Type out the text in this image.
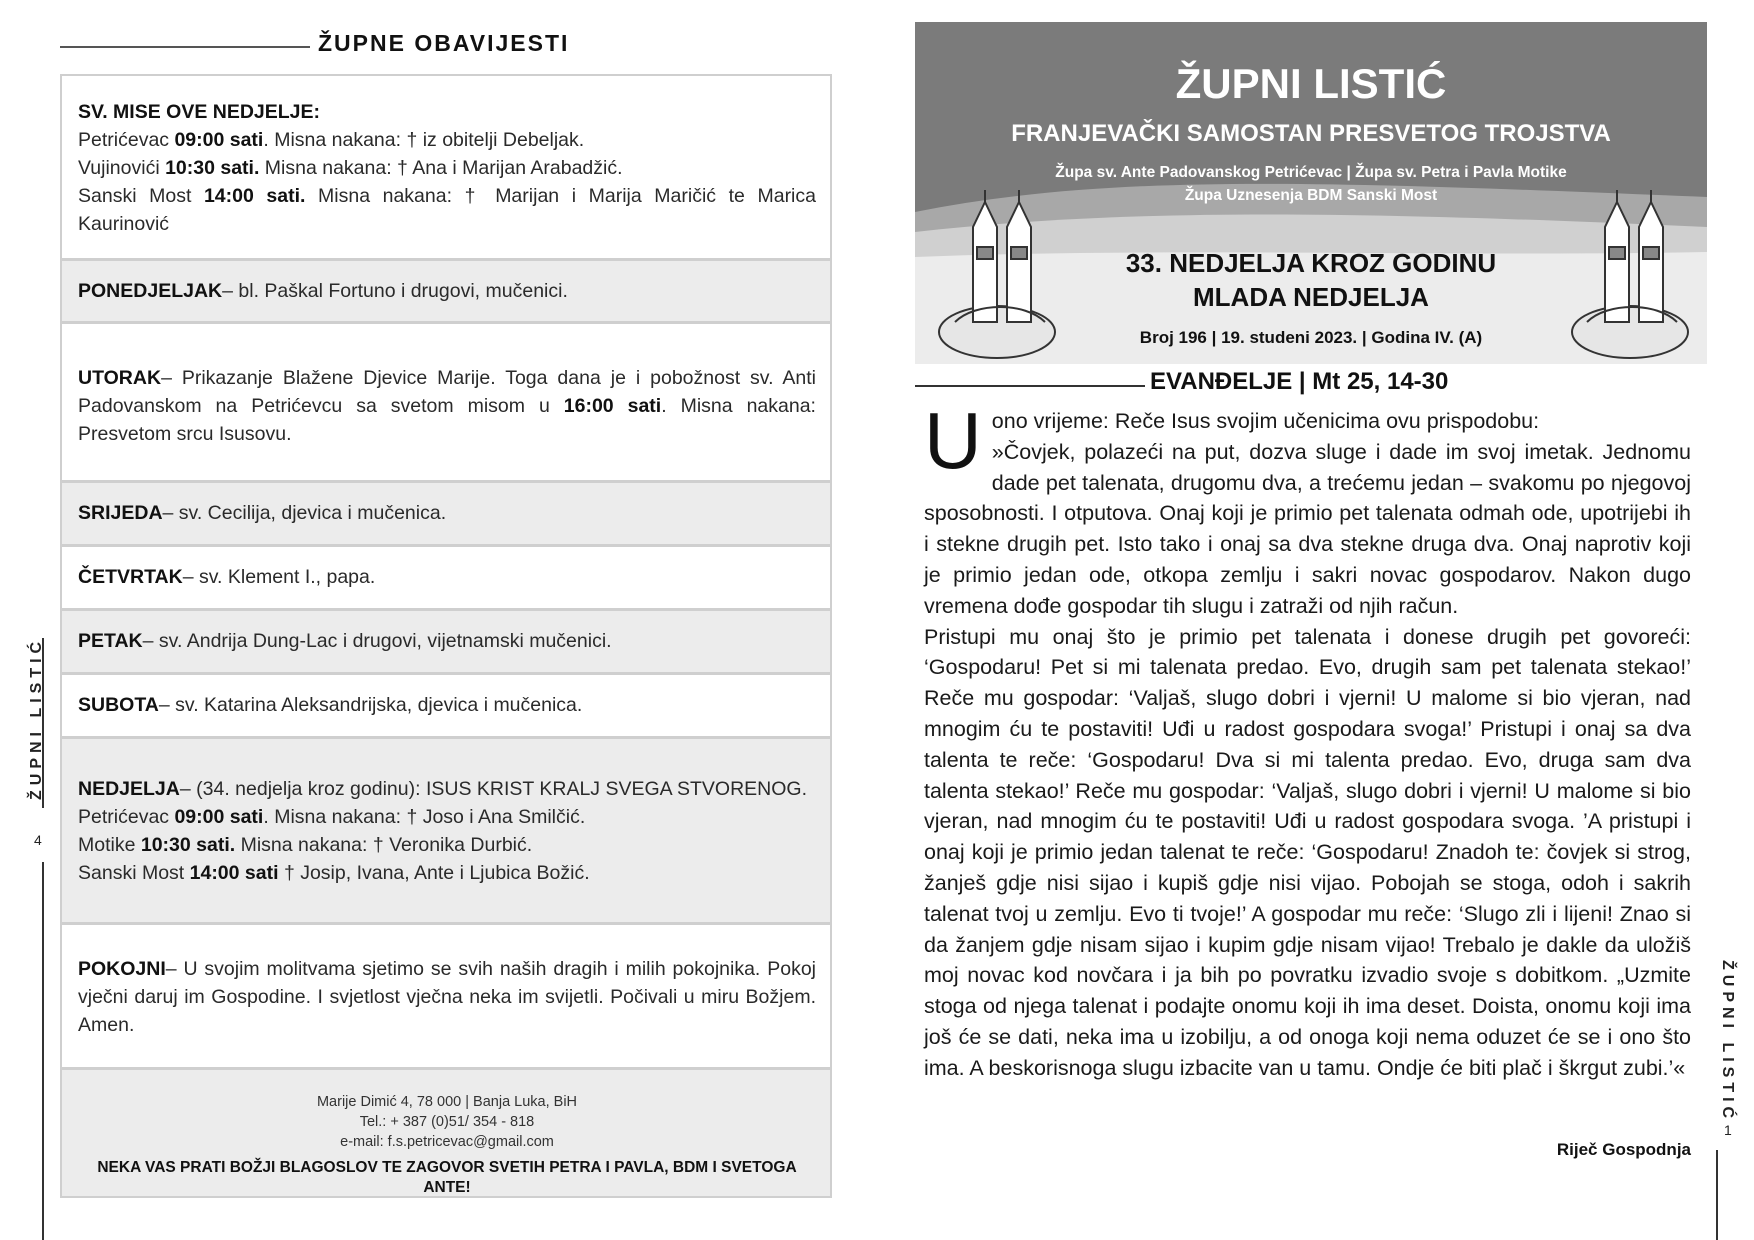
ŽUPNE OBAVIJESTI

SV. MISE OVE NEDJELJE:

Petrićevac 09:00 sati. Misna nakana: † iz obitelji Debeljak.

Vujinovići 10:30 sati. Misna nakana: † Ana i Marijan Arabadžić.

Sanski Most 14:00 sati. Misna nakana: † Marijan i Marija Maričić te Marica Kaurinović

PONEDJELJAK– bl. Paškal Fortuno i drugovi, mučenici.

UTORAK– Prikazanje Blažene Djevice Marije. Toga dana je i pobožnost sv. Anti Padovanskom na Petrićevcu sa svetom misom u 16:00 sati. Misna nakana: Presvetom srcu Isusovu.

SRIJEDA– sv. Cecilija, djevica i mučenica.

ČETVRTAK– sv. Klement I., papa.

PETAK– sv. Andrija Dung-Lac i drugovi, vijetnamski mučenici.

SUBOTA– sv. Katarina Aleksandrijska, djevica i mučenica.

NEDJELJA– (34. nedjelja kroz godinu): ISUS KRIST KRALJ SVEGA STVORENOG.

Petrićevac 09:00 sati. Misna nakana: † Joso i Ana Smilčić.

Motike 10:30 sati. Misna nakana: † Veronika Durbić.

Sanski Most 14:00 sati † Josip, Ivana, Ante i Ljubica Božić.

POKOJNI– U svojim molitvama sjetimo se svih naših dragih i milih pokojnika. Pokoj vječni daruj im Gospodine. I svjetlost vječna neka im svijetli. Počivali u miru Božjem. Amen.

Marije Dimić 4, 78 000 | Banja Luka, BiH
Tel.: + 387 (0)51/ 354 - 818
e-mail: f.s.petricevac@gmail.com
NEKA VAS PRATI BOŽJI BLAGOSLOV TE ZAGOVOR SVETIH PETRA I PAVLA, BDM I SVETOGA ANTE!
ŽUPNI LISTIĆ
4
ŽUPNI LISTIĆ
FRANJEVAČKI SAMOSTAN PRESVETOG TROJSTVA
Župa sv. Ante Padovanskog Petrićevac | Župa sv. Petra i Pavla Motike
Župa Uznesenja BDM Sanski Most
33. NEDJELJA KROZ GODINU
MLADA NEDJELJA
Broj 196 | 19. studeni 2023. | Godina IV. (A)
EVANĐELJE | Mt 25, 14-30
U ono vrijeme: Reče Isus svojim učenicima ovu prispodobu:
»Čovjek, polazeći na put, dozva sluge i dade im svoj imetak. Jednomu dade pet talenata, drugomu dva, a trećemu jedan – svakomu po njegovoj sposobnosti. I otputova. Onaj koji je primio pet talenata odmah ode, upotrijebi ih i stekne drugih pet. Isto tako i onaj sa dva stekne druga dva. Onaj naprotiv koji je primio jedan ode, otkopa zemlju i sakri novac gospodarov. Nakon dugo vremena dođe gospodar tih slugu i zatraži od njih račun.

Pristupi mu onaj što je primio pet talenata i donese drugih pet govoreći: ‘Gospodaru! Pet si mi talenata predao. Evo, drugih sam pet talenata stekao!’ Reče mu gospodar: ‘Valjaš, slugo dobri i vjerni! U malome si bio vjeran, nad mnogim ću te postaviti! Uđi u radost gospodara svoga!’ Pristupi i onaj sa dva talenta te reče: ‘Gospodaru! Dva si mi talenta predao. Evo, druga sam dva talenta stekao!’ Reče mu gospodar: ‘Valjaš, slugo dobri i vjerni! U malome si bio vjeran, nad mnogim ću te postaviti! Uđi u radost gospodara svoga. ’A pristupi i onaj koji je primio jedan talenat te reče: ‘Gospodaru! Znadoh te: čovjek si strog, žanješ gdje nisi sijao i kupiš gdje nisi vijao. Pobojah se stoga, odoh i sakrih talenat tvoj u zemlju. Evo ti tvoje!’ A gospodar mu reče: ‘Slugo zli i lijeni! Znao si da žanjem gdje nisam sijao i kupim gdje nisam vijao! Trebalo je dakle da uložiš moj novac kod novčara i ja bih po povratku izvadio svoje s dobitkom. „Uzmite stoga od njega talenat i podajte onomu koji ih ima deset. Doista, onomu koji ima još će se dati, neka ima u izobilju, a od onoga koji nema oduzet će se i ono što ima. A beskorisnoga slugu izbacite van u tamu. Ondje će biti plač i škrgut zubi.’«

Riječ Gospodnja
ŽUPNI LISTIĆ
1
